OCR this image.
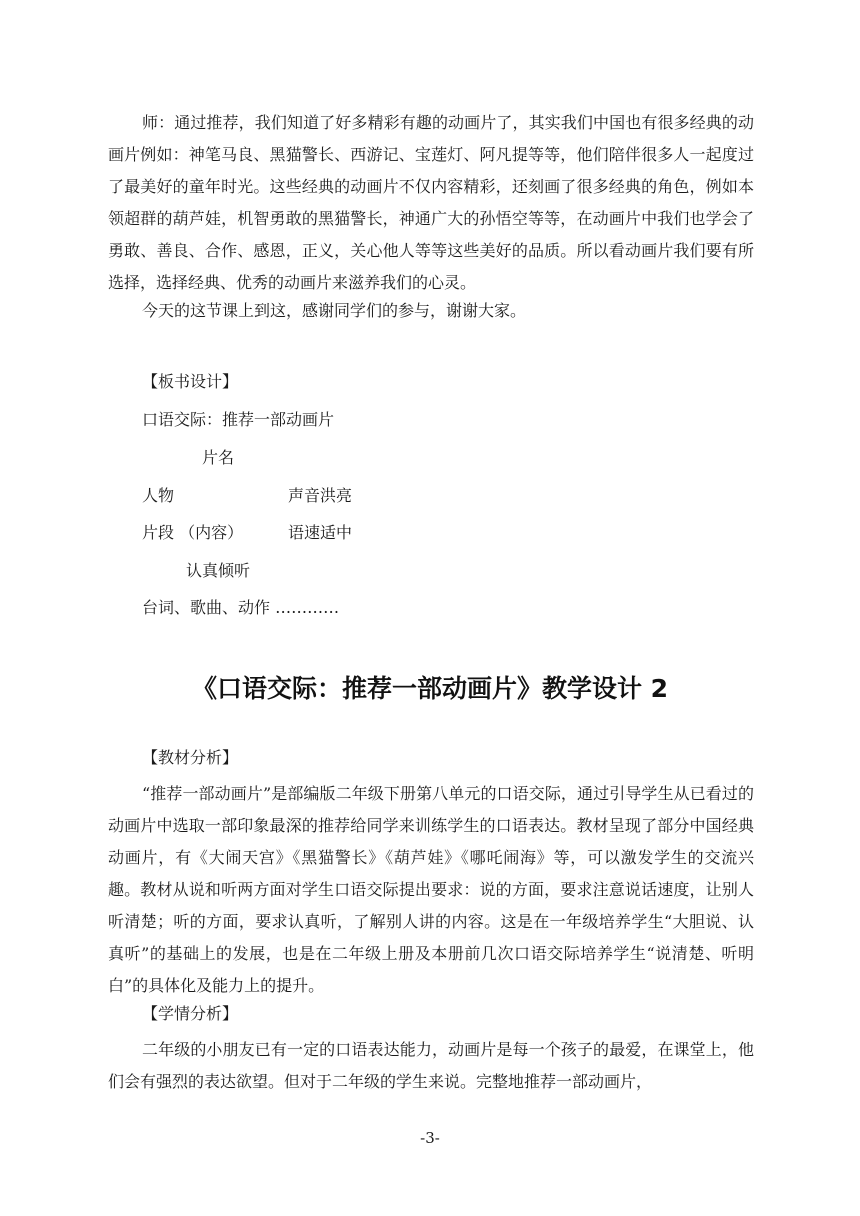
师：通过推荐，我们知道了好多精彩有趣的动画片了，其实我们中国也有很多经典的动画片例如：神笔马良、黑猫警长、西游记、宝莲灯、阿凡提等等，他们陪伴很多人一起度过了最美好的童年时光。这些经典的动画片不仅内容精彩，还刻画了很多经典的角色，例如本领超群的葫芦娃，机智勇敢的黑猫警长，神通广大的孙悟空等等，在动画片中我们也学会了勇敢、善良、合作、感恩，正义，关心他人等等这些美好的品质。所以看动画片我们要有所选择，选择经典、优秀的动画片来滋养我们的心灵。

今天的这节课上到这，感谢同学们的参与，谢谢大家。

【板书设计】

口语交际：推荐一部动画片

片名

人物	声音洪亮

片段 （内容）	语速适中

认真倾听

台词、歌曲、动作 …………

《口语交际：推荐一部动画片》教学设计 2

【教材分析】

“推荐一部动画片”是部编版二年级下册第八单元的口语交际，通过引导学生从已看过的动画片中选取一部印象最深的推荐给同学来训练学生的口语表达。教材呈现了部分中国经典动画片，有《大闹天宫》《黑猫警长》《葫芦娃》《哪吒闹海》等，可以激发学生的交流兴趣。教材从说和听两方面对学生口语交际提出要求：说的方面，要求注意说话速度，让别人听清楚；听的方面，要求认真听，了解别人讲的内容。这是在一年级培养学生“大胆说、认真听”的基础上的发展，也是在二年级上册及本册前几次口语交际培养学生“说清楚、听明白”的具体化及能力上的提升。

【学情分析】

二年级的小朋友已有一定的口语表达能力，动画片是每一个孩子的最爱，在课堂上，他们会有强烈的表达欲望。但对于二年级的学生来说。完整地推荐一部动画片，

-3-
